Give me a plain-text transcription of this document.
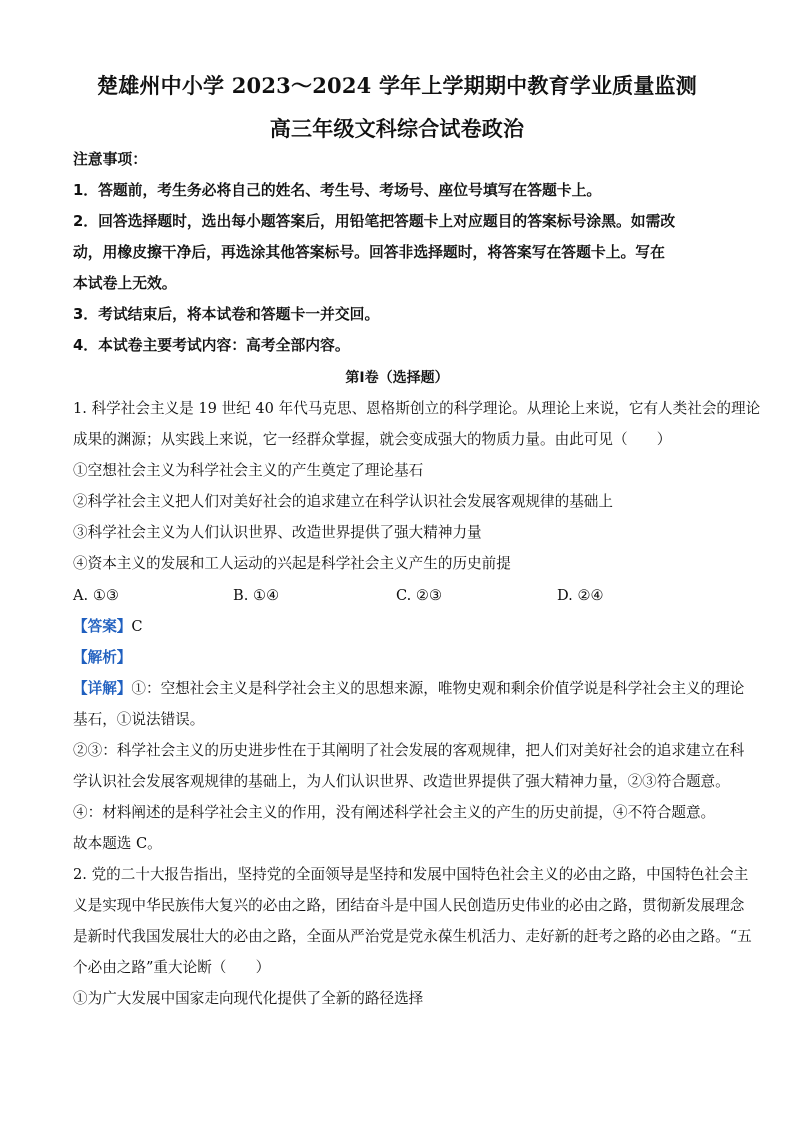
楚雄州中小学 2023～2024 学年上学期期中教育学业质量监测
高三年级文科综合试卷政治
注意事项：
1．答题前，考生务必将自己的姓名、考生号、考场号、座位号填写在答题卡上。
2．回答选择题时，选出每小题答案后，用铅笔把答题卡上对应题目的答案标号涂黑。如需改
动，用橡皮擦干净后，再选涂其他答案标号。回答非选择题时，将答案写在答题卡上。写在
本试卷上无效。
3．考试结束后，将本试卷和答题卡一并交回。
4．本试卷主要考试内容：高考全部内容。
第Ⅰ卷（选择题）
1. 科学社会主义是 19 世纪 40 年代马克思、恩格斯创立的科学理论。从理论上来说，它有人类社会的理论
成果的渊源；从实践上来说，它一经群众掌握，就会变成强大的物质力量。由此可见（　　）
①空想社会主义为科学社会主义的产生奠定了理论基石
②科学社会主义把人们对美好社会的追求建立在科学认识社会发展客观规律的基础上
③科学社会主义为人们认识世界、改造世界提供了强大精神力量
④资本主义的发展和工人运动的兴起是科学社会主义产生的历史前提
A. ①③	B. ①④	C. ②③	D. ②④
【答案】C
【解析】
【详解】①：空想社会主义是科学社会主义的思想来源，唯物史观和剩余价值学说是科学社会主义的理论
基石，①说法错误。
②③：科学社会主义的历史进步性在于其阐明了社会发展的客观规律，把人们对美好社会的追求建立在科
学认识社会发展客观规律的基础上，为人们认识世界、改造世界提供了强大精神力量，②③符合题意。
④：材料阐述的是科学社会主义的作用，没有阐述科学社会主义的产生的历史前提，④不符合题意。
故本题选 C。
2. 党的二十大报告指出，坚持党的全面领导是坚持和发展中国特色社会主义的必由之路，中国特色社会主
义是实现中华民族伟大复兴的必由之路，团结奋斗是中国人民创造历史伟业的必由之路，贯彻新发展理念
是新时代我国发展壮大的必由之路，全面从严治党是党永葆生机活力、走好新的赶考之路的必由之路。“五
个必由之路”重大论断（　　）
①为广大发展中国家走向现代化提供了全新的路径选择
